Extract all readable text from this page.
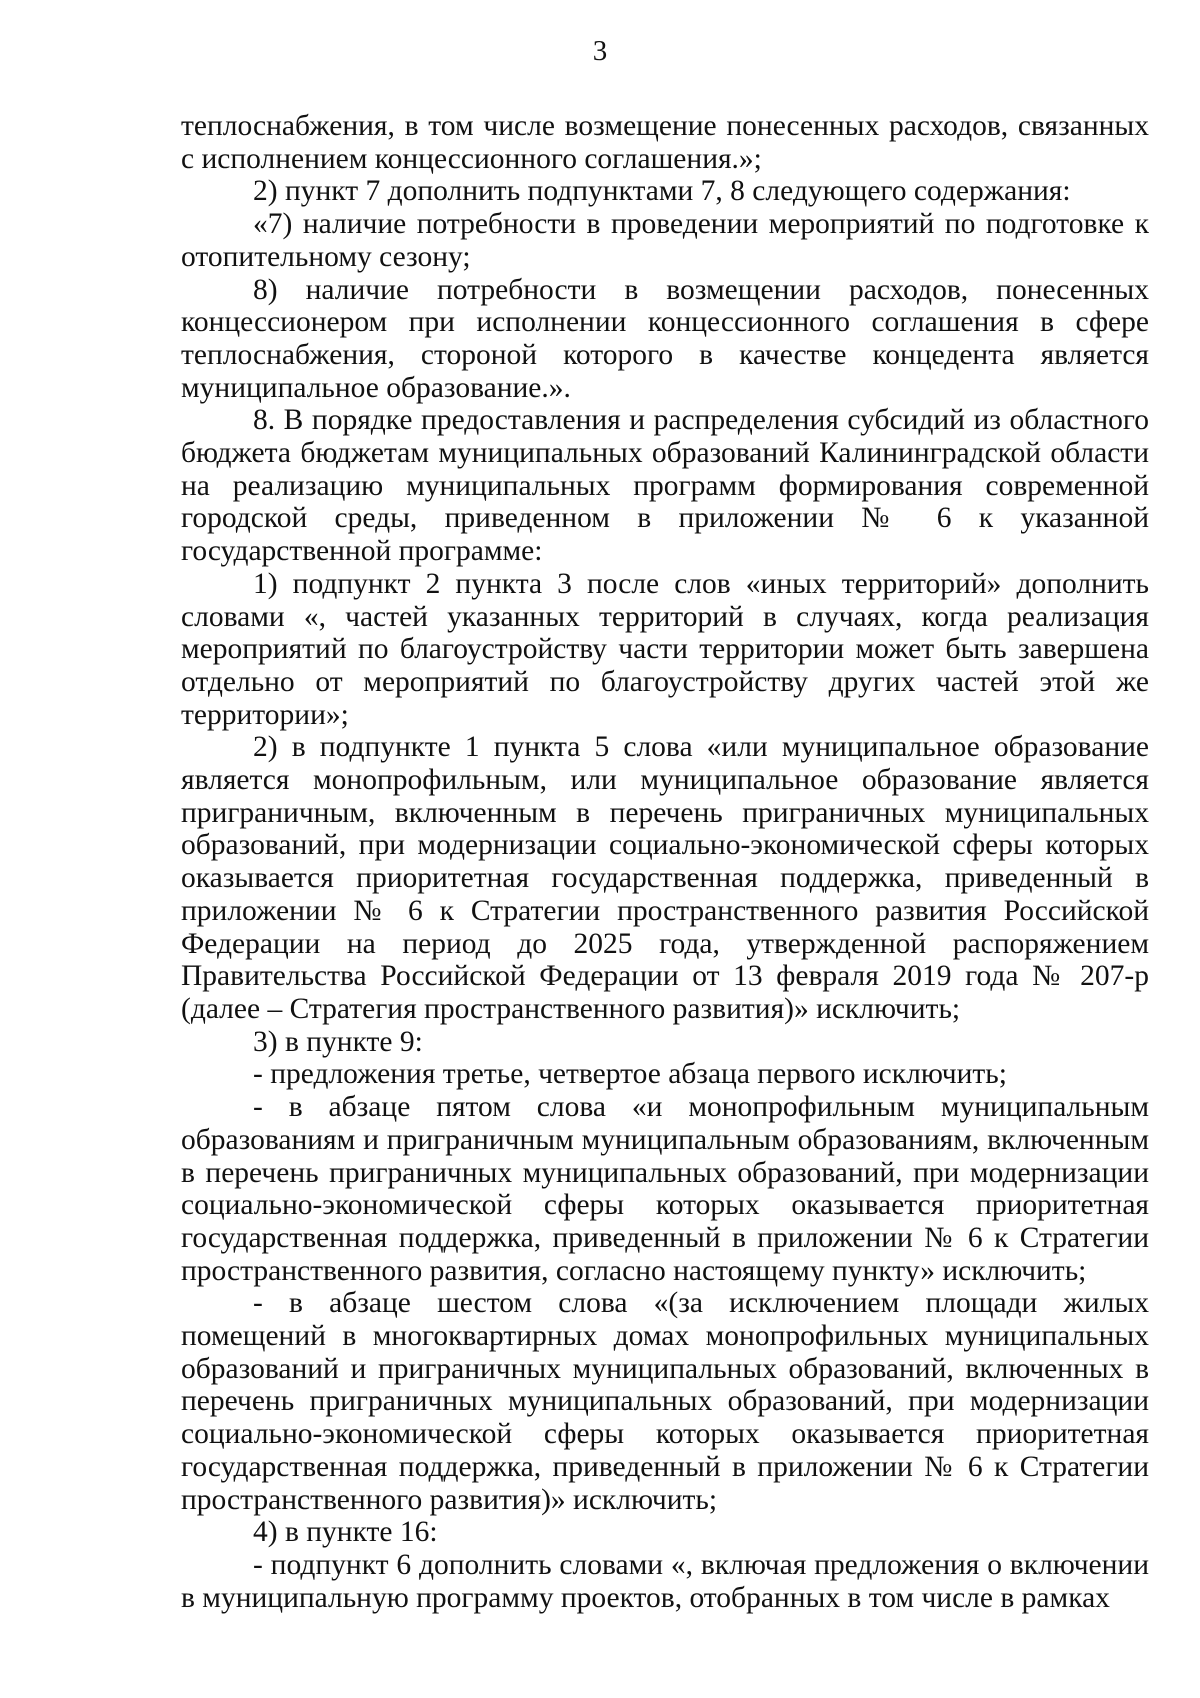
3

теплоснабжения, в том числе возмещение понесенных расходов, связанных с исполнением концессионного соглашения.»;

2) пункт 7 дополнить подпунктами 7, 8 следующего содержания:

«7) наличие потребности в проведении мероприятий по подготовке к отопительному сезону;

8) наличие потребности в возмещении расходов, понесенных концессионером при исполнении концессионного соглашения в сфере теплоснабжения, стороной которого в качестве концедента является муниципальное образование.».

8. В порядке предоставления и распределения субсидий из областного бюджета бюджетам муниципальных образований Калининградской области на реализацию муниципальных программ формирования современной городской среды, приведенном в приложении № 6 к указанной государственной программе:

1) подпункт 2 пункта 3 после слов «иных территорий» дополнить словами «, частей указанных территорий в случаях, когда реализация мероприятий по благоустройству части территории может быть завершена отдельно от мероприятий по благоустройству других частей этой же территории»;

2) в подпункте 1 пункта 5 слова «или муниципальное образование является монопрофильным, или муниципальное образование является приграничным, включенным в перечень приграничных муниципальных образований, при модернизации социально-экономической сферы которых оказывается приоритетная государственная поддержка, приведенный в приложении № 6 к Стратегии пространственного развития Российской Федерации на период до 2025 года, утвержденной распоряжением Правительства Российской Федерации от 13 февраля 2019 года № 207-р (далее – Стратегия пространственного развития)» исключить;

3) в пункте 9:

- предложения третье, четвертое абзаца первого исключить;

- в абзаце пятом слова «и монопрофильным муниципальным образованиям и приграничным муниципальным образованиям, включенным в перечень приграничных муниципальных образований, при модернизации социально-экономической сферы которых оказывается приоритетная государственная поддержка, приведенный в приложении № 6 к Стратегии пространственного развития, согласно настоящему пункту» исключить;

- в абзаце шестом слова «(за исключением площади жилых помещений в многоквартирных домах монопрофильных муниципальных образований и приграничных муниципальных образований, включенных в перечень приграничных муниципальных образований, при модернизации социально-экономической сферы которых оказывается приоритетная государственная поддержка, приведенный в приложении № 6 к Стратегии пространственного развития)» исключить;

4) в пункте 16:

- подпункт 6 дополнить словами «, включая предложения о включении в муниципальную программу проектов, отобранных в том числе в рамках
